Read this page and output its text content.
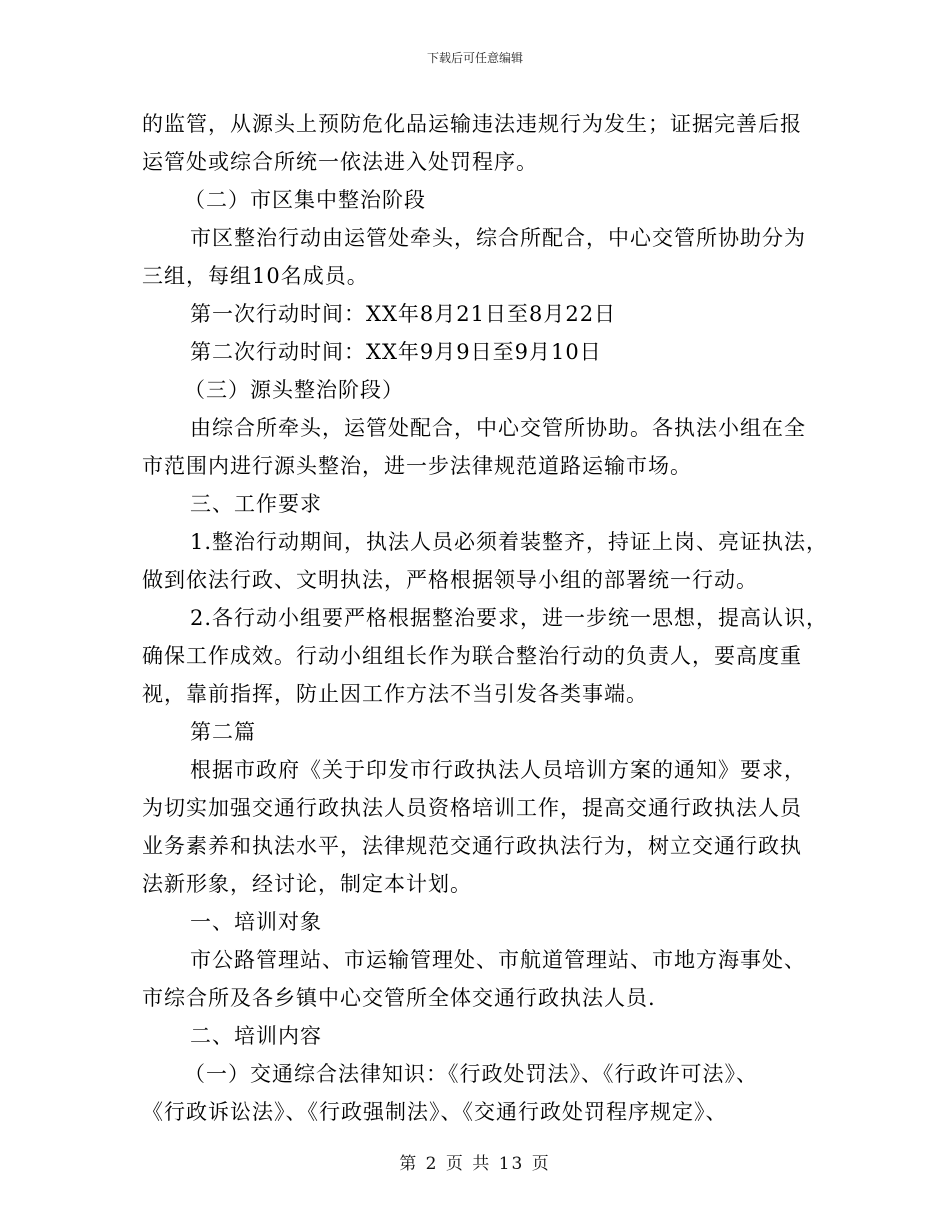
下载后可任意编辑
的监管，从源头上预防危化品运输违法违规行为发生；证据完善后报
运管处或综合所统一依法进入处罚程序。
（二）市区集中整治阶段
市区整治行动由运管处牵头，综合所配合，中心交管所协助分为
三组，每组10名成员。
第一次行动时间：XX年8月21日至8月22日
第二次行动时间：XX年9月9日至9月10日
（三）源头整治阶段）
由综合所牵头，运管处配合，中心交管所协助。各执法小组在全
市范围内进行源头整治，进一步法律规范道路运输市场。
三、工作要求
1.整治行动期间，执法人员必须着装整齐，持证上岗、亮证执法，
做到依法行政、文明执法，严格根据领导小组的部署统一行动。
2.各行动小组要严格根据整治要求，进一步统一思想，提高认识，
确保工作成效。行动小组组长作为联合整治行动的负责人，要高度重
视，靠前指挥，防止因工作方法不当引发各类事端。
第二篇
根据市政府《关于印发市行政执法人员培训方案的通知》要求，
为切实加强交通行政执法人员资格培训工作，提高交通行政执法人员
业务素养和执法水平，法律规范交通行政执法行为，树立交通行政执
法新形象，经讨论，制定本计划。
一、培训对象
市公路管理站、市运输管理处、市航道管理站、市地方海事处、
市综合所及各乡镇中心交管所全体交通行政执法人员.
二、培训内容
（一）交通综合法律知识：《行政处罚法》、《行政许可法》、
《行政诉讼法》、《行政强制法》、《交通行政处罚程序规定》、
第 2 页 共 13 页
